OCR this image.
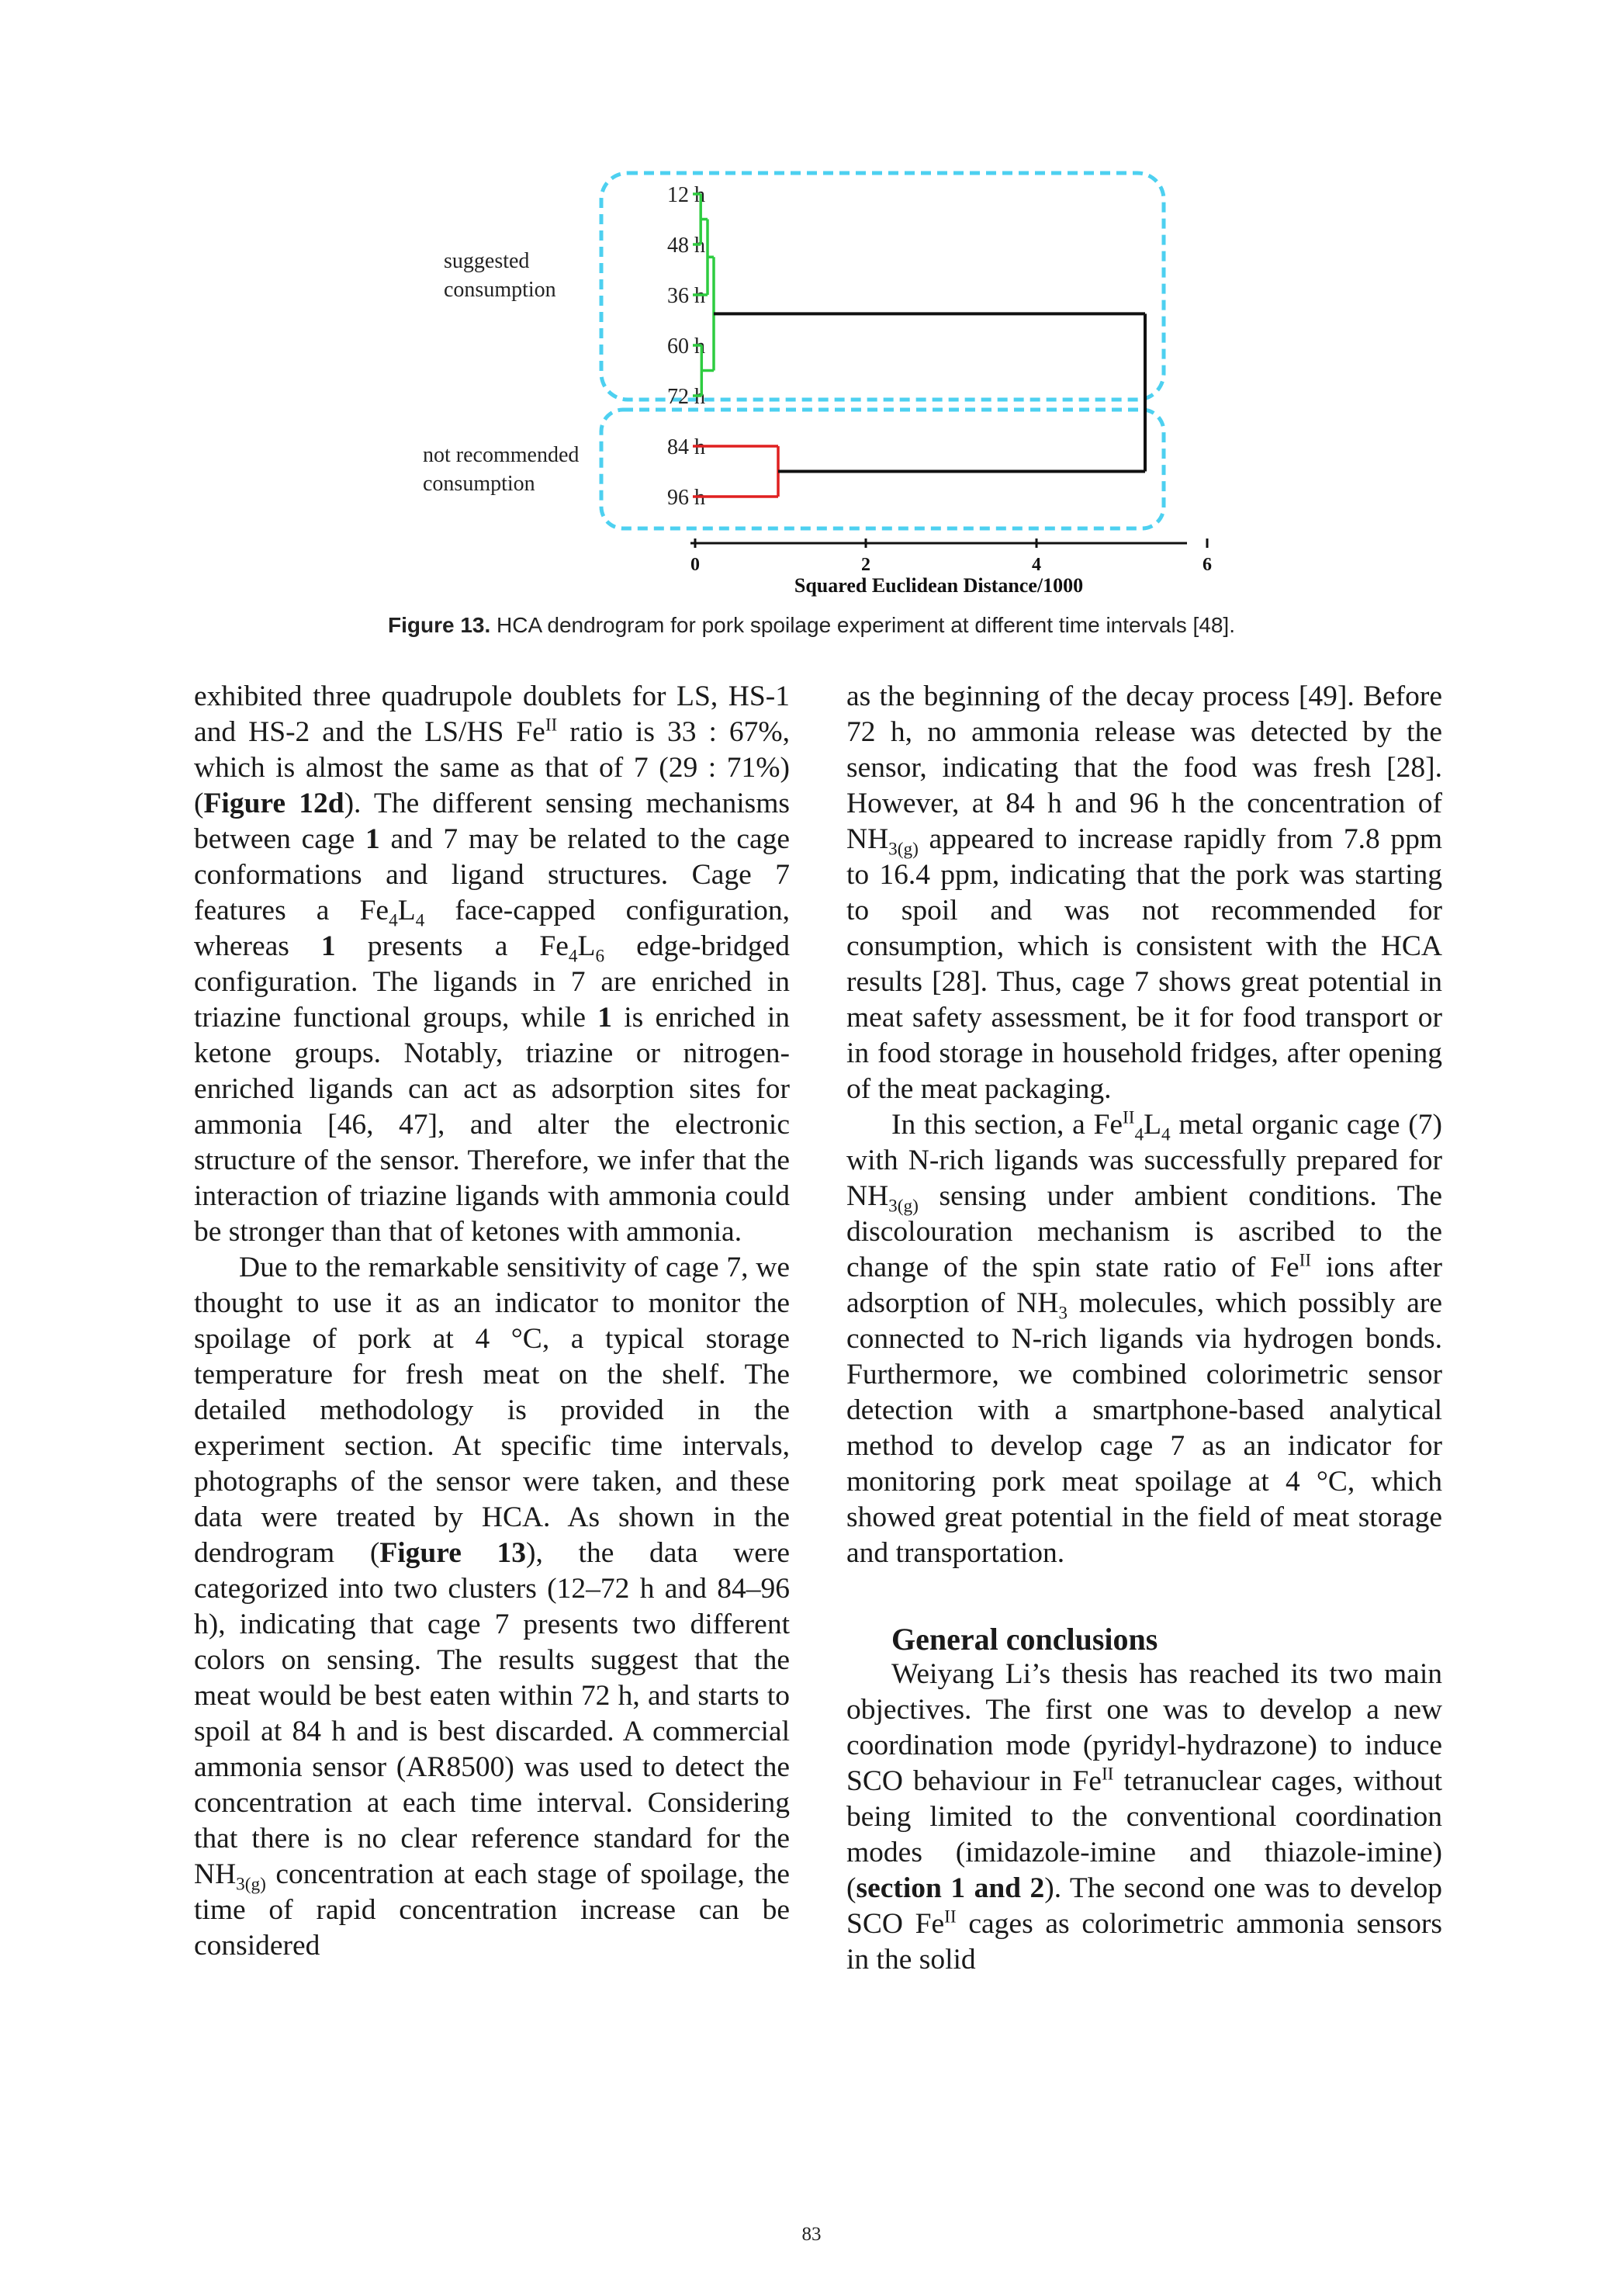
suggested consumption
not recommended consumption
12 h
48 h
36 h
60 h
72 h
84 h
96 h
0	2	4	6
Squared Euclidean Distance/1000
Figure 13. HCA dendrogram for pork spoilage experiment at different time intervals [48].

exhibited three quadrupole doublets for LS, HS-1 and HS-2 and the LS/HS $Fe^{II}$ ratio is 33 : 67%, which is almost the same as that of 7 (29 : 71%) (Figure 12d). The different sensing mechanisms between cage 1 and 7 may be related to the cage conformations and ligand structures. Cage 7 features a $Fe_4L_4$ face-capped configuration, whereas 1 presents a $Fe_4L_6$ edge-bridged configuration. The ligands in 7 are enriched in triazine functional groups, while 1 is enriched in ketone groups. Notably, triazine or nitrogen-enriched ligands can act as adsorption sites for ammonia [46, 47], and alter the electronic structure of the sensor. Therefore, we infer that the interaction of triazine ligands with ammonia could be stronger than that of ketones with ammonia.

Due to the remarkable sensitivity of cage 7, we thought to use it as an indicator to monitor the spoilage of pork at 4 °C, a typical storage temperature for fresh meat on the shelf. The detailed methodology is provided in the experiment section. At specific time intervals, photographs of the sensor were taken, and these data were treated by HCA. As shown in the dendrogram (Figure 13), the data were categorized into two clusters (12–72 h and 84–96 h), indicating that cage 7 presents two different colors on sensing. The results suggest that the meat would be best eaten within 72 h, and starts to spoil at 84 h and is best discarded. A commercial ammonia sensor (AR8500) was used to detect the concentration at each time interval. Considering that there is no clear reference standard for the $NH_{3(g)}$ concentration at each stage of spoilage, the time of rapid concentration increase can be considered

as the beginning of the decay process [49]. Before 72 h, no ammonia release was detected by the sensor, indicating that the food was fresh [28]. However, at 84 h and 96 h the concentration of $NH_{3(g)}$ appeared to increase rapidly from 7.8 ppm to 16.4 ppm, indicating that the pork was starting to spoil and was not recommended for consumption, which is consistent with the HCA results [28]. Thus, cage 7 shows great potential in meat safety assessment, be it for food transport or in food storage in household fridges, after opening of the meat packaging.

In this section, a $Fe^{II}_4L_4$ metal organic cage (7) with N-rich ligands was successfully prepared for $NH_{3(g)}$ sensing under ambient conditions. The discolouration mechanism is ascribed to the change of the spin state ratio of $Fe^{II}$ ions after adsorption of $NH_3$ molecules, which possibly are connected to N-rich ligands via hydrogen bonds. Furthermore, we combined colorimetric sensor detection with a smartphone-based analytical method to develop cage 7 as an indicator for monitoring pork meat spoilage at 4 °C, which showed great potential in the field of meat storage and transportation.

General conclusions

Weiyang Li’s thesis has reached its two main objectives. The first one was to develop a new coordination mode (pyridyl-hydrazone) to induce SCO behaviour in $Fe^{II}$ tetranuclear cages, without being limited to the conventional coordination modes (imidazole-imine and thiazole-imine) (section 1 and 2). The second one was to develop SCO $Fe^{II}$ cages as colorimetric ammonia sensors in the solid

83
